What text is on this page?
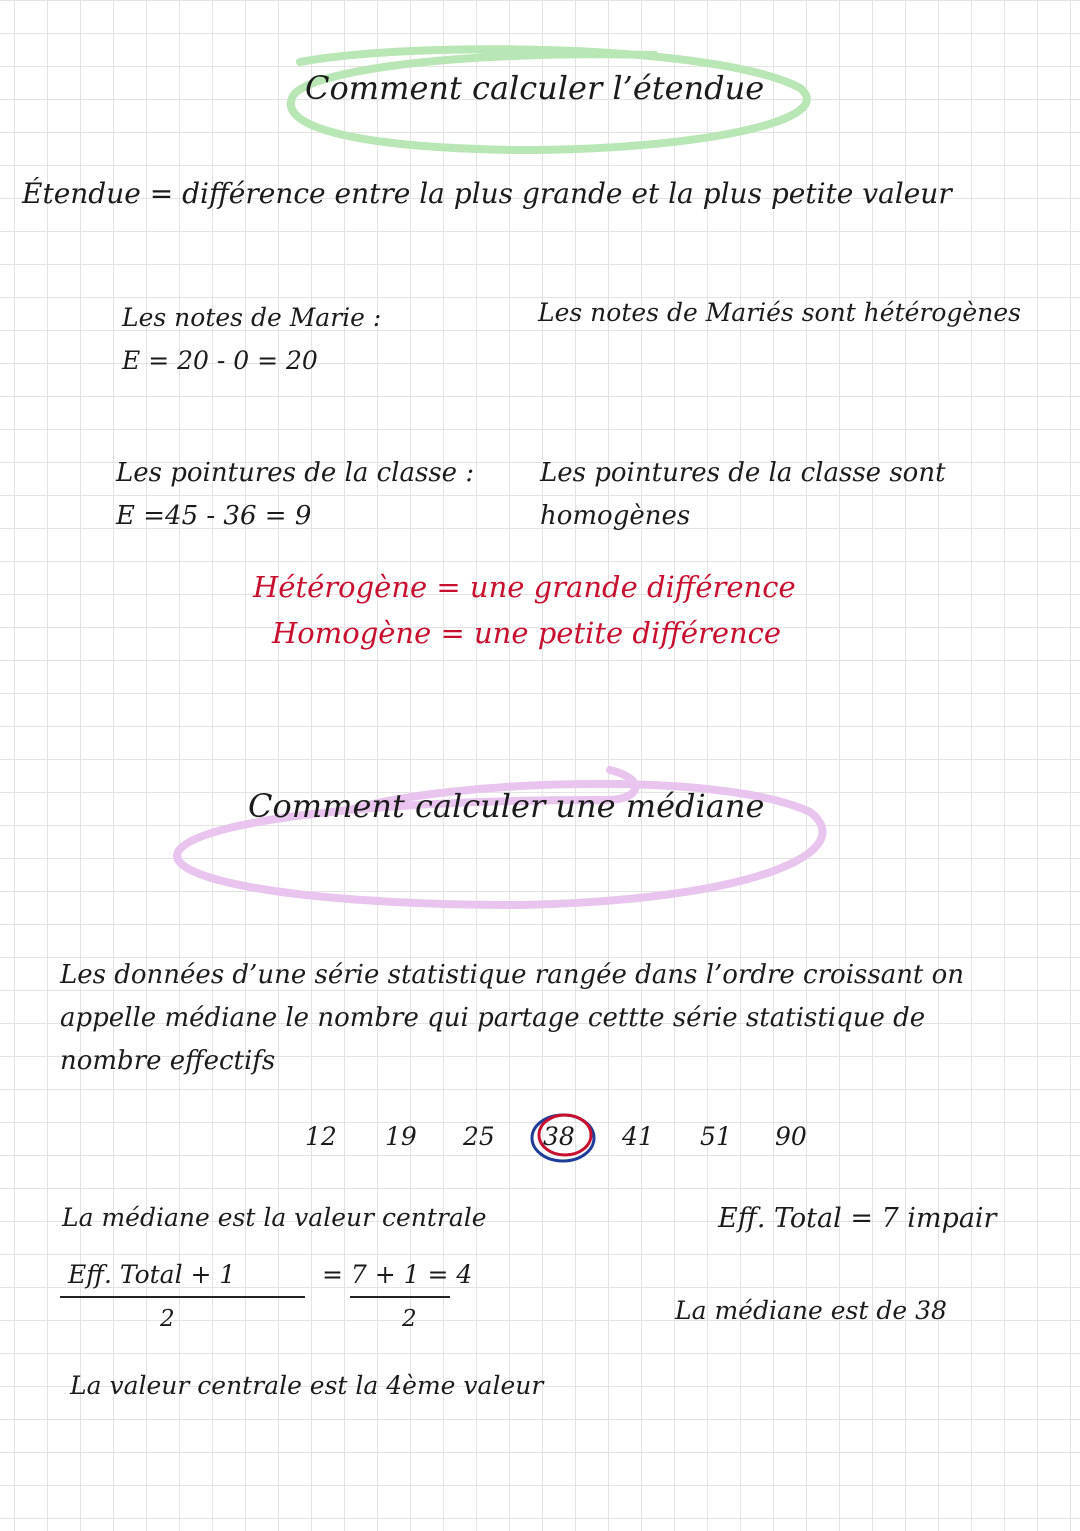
Comment calculer l’étendue
Étendue = différence entre la plus grande et la plus petite valeur
Les notes de Marie :
E = 20 - 0 = 20
Les notes de Mariés sont hétérogènes
Les pointures de la classe :
E =45 - 36 = 9
Les pointures de la classe sont
homogènes
Hétérogène = une grande différence
Homogène = une petite différence
Comment calculer une médiane
Les données d’une série statistique rangée dans l’ordre croissant on
appelle médiane le nombre qui partage cettte série statistique de
nombre effectifs
12 19 25 38 41 51 90
La médiane est la valeur centrale	Eff. Total = 7 impair
Eff. Total + 1
2
= 7 + 1 = 4
2	La médiane est de 38
La valeur centrale est la 4ème valeur
